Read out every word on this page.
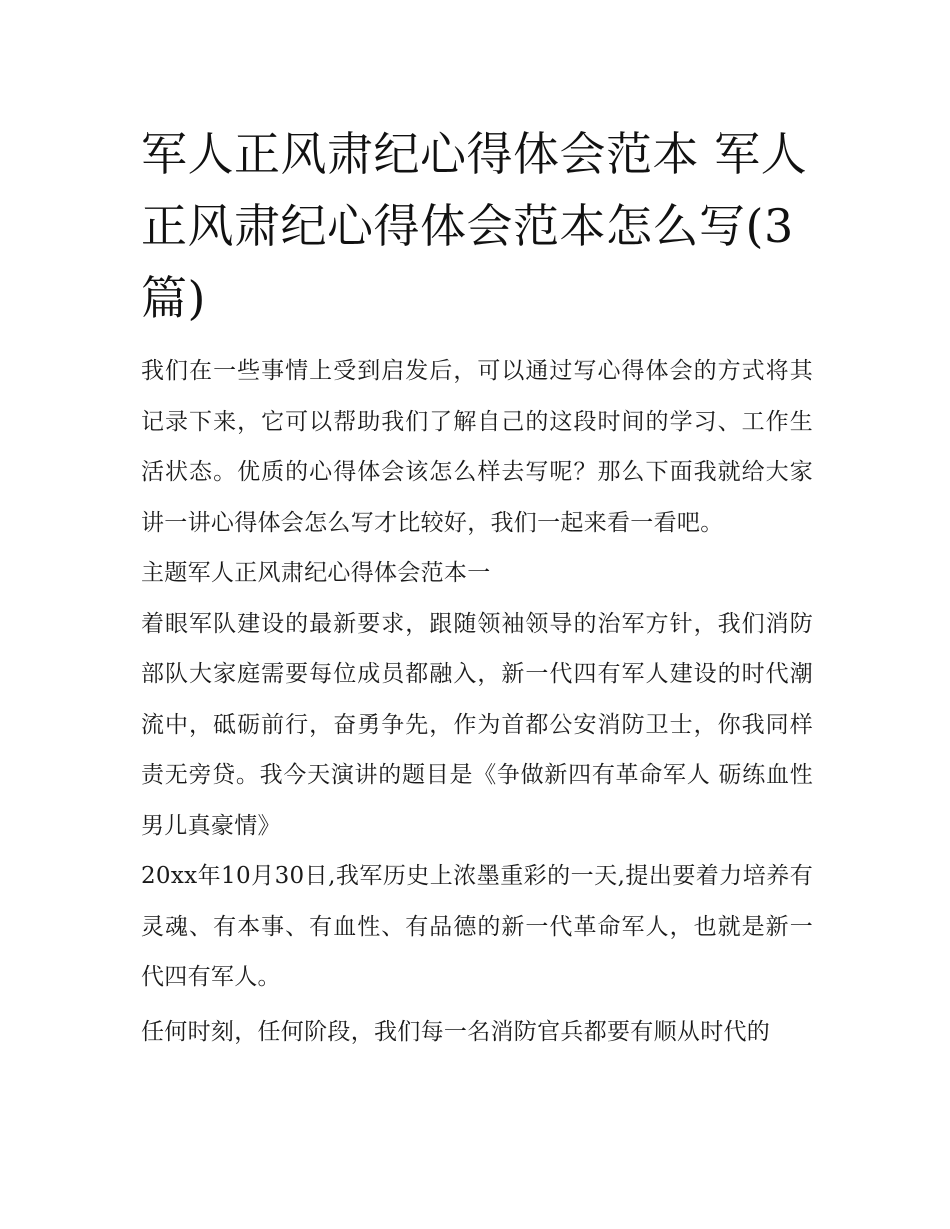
军人正风肃纪心得体会范本 军人正风肃纪心得体会范本怎么写(3篇)

我们在一些事情上受到启发后，可以通过写心得体会的方式将其记录下来，它可以帮助我们了解自己的这段时间的学习、工作生活状态。优质的心得体会该怎么样去写呢？那么下面我就给大家讲一讲心得体会怎么写才比较好，我们一起来看一看吧。

主题军人正风肃纪心得体会范本一

着眼军队建设的最新要求，跟随领袖领导的治军方针，我们消防部队大家庭需要每位成员都融入，新一代四有军人建设的时代潮流中，砥砺前行，奋勇争先，作为首都公安消防卫士，你我同样责无旁贷。我今天演讲的题目是《争做新四有革命军人 砺练血性男儿真豪情》

20xx年10月30日,我军历史上浓墨重彩的一天,提出要着力培养有灵魂、有本事、有血性、有品德的新一代革命军人，也就是新一代四有军人。

任何时刻，任何阶段，我们每一名消防官兵都要有顺从时代的
